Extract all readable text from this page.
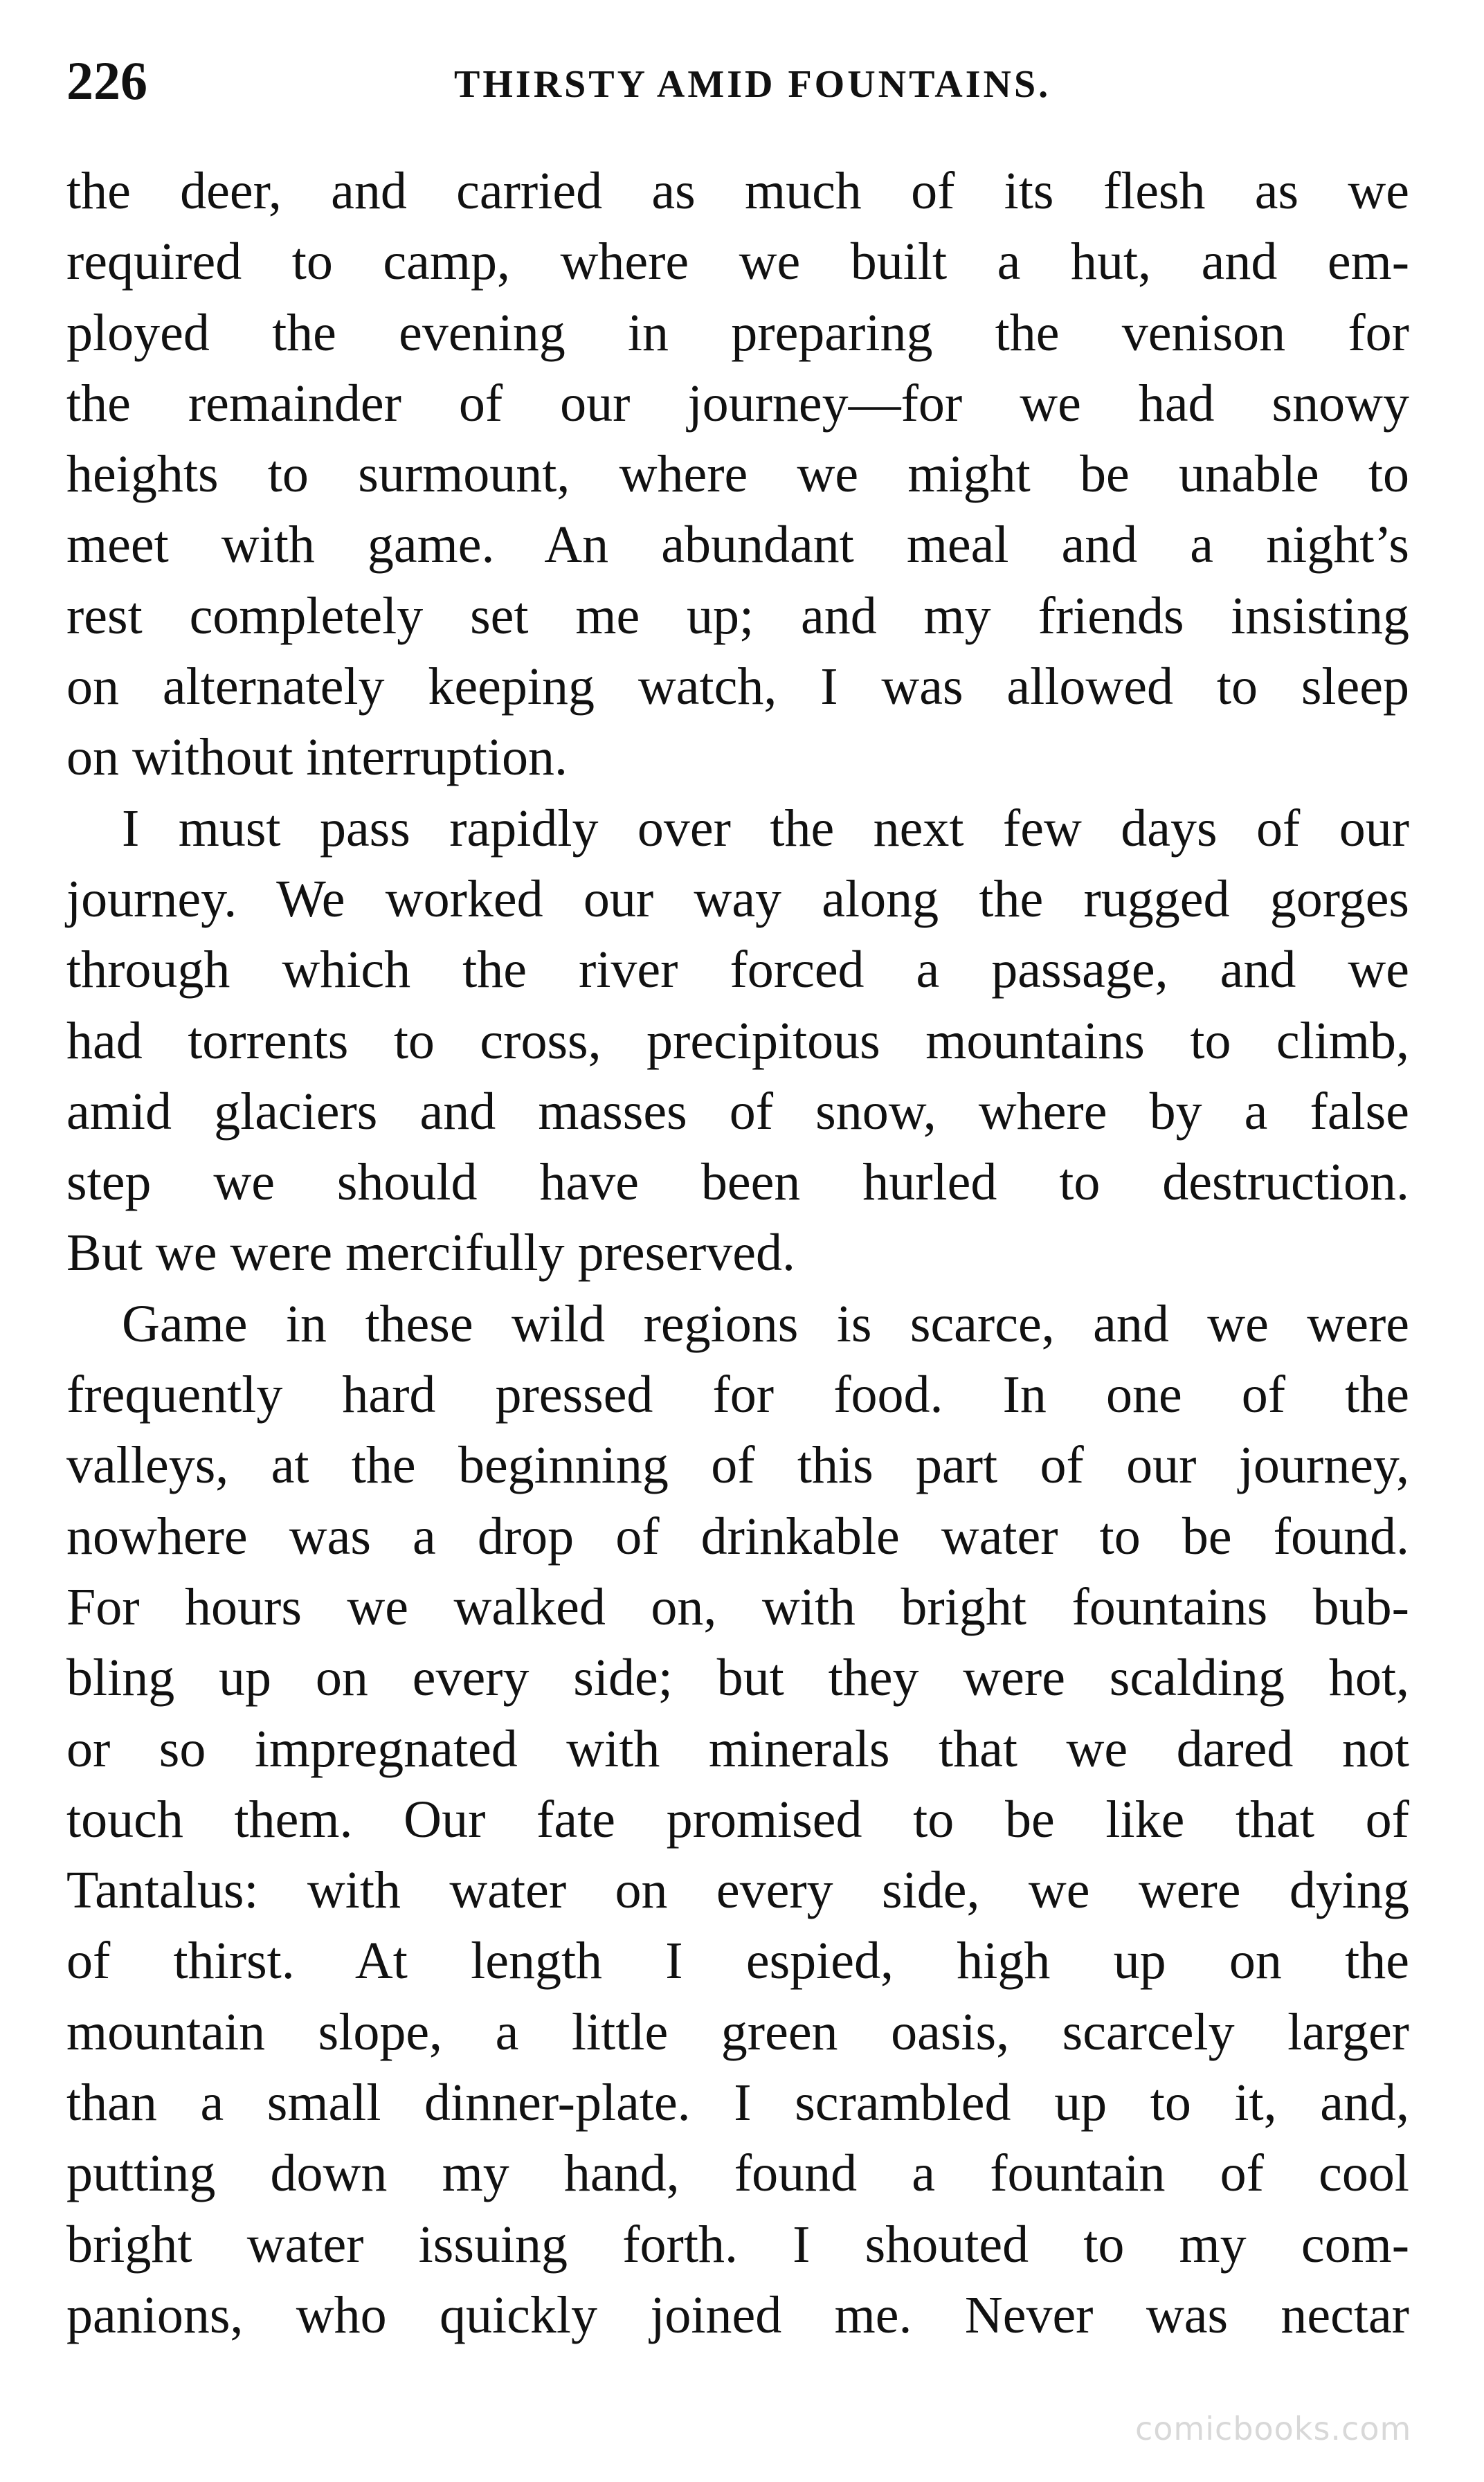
226	THIRSTY AMID FOUNTAINS.
the deer, and carried as much of its flesh as we
required to camp, where we built a hut, and em-
ployed the evening in preparing the venison for
the remainder of our journey—for we had snowy
heights to surmount, where we might be unable to
meet with game. An abundant meal and a night’s
rest completely set me up; and my friends insisting
on alternately keeping watch, I was allowed to sleep
on without interruption.
I must pass rapidly over the next few days of our
journey. We worked our way along the rugged gorges
through which the river forced a passage, and we
had torrents to cross, precipitous mountains to climb,
amid glaciers and masses of snow, where by a false
step we should have been hurled to destruction.
But we were mercifully preserved.
Game in these wild regions is scarce, and we were
frequently hard pressed for food. In one of the
valleys, at the beginning of this part of our journey,
nowhere was a drop of drinkable water to be found.
For hours we walked on, with bright fountains bub-
bling up on every side; but they were scalding hot,
or so impregnated with minerals that we dared not
touch them. Our fate promised to be like that of
Tantalus: with water on every side, we were dying
of thirst. At length I espied, high up on the
mountain slope, a little green oasis, scarcely larger
than a small dinner-plate. I scrambled up to it, and,
putting down my hand, found a fountain of cool
bright water issuing forth. I shouted to my com-
panions, who quickly joined me. Never was nectar
comicbooks.com
